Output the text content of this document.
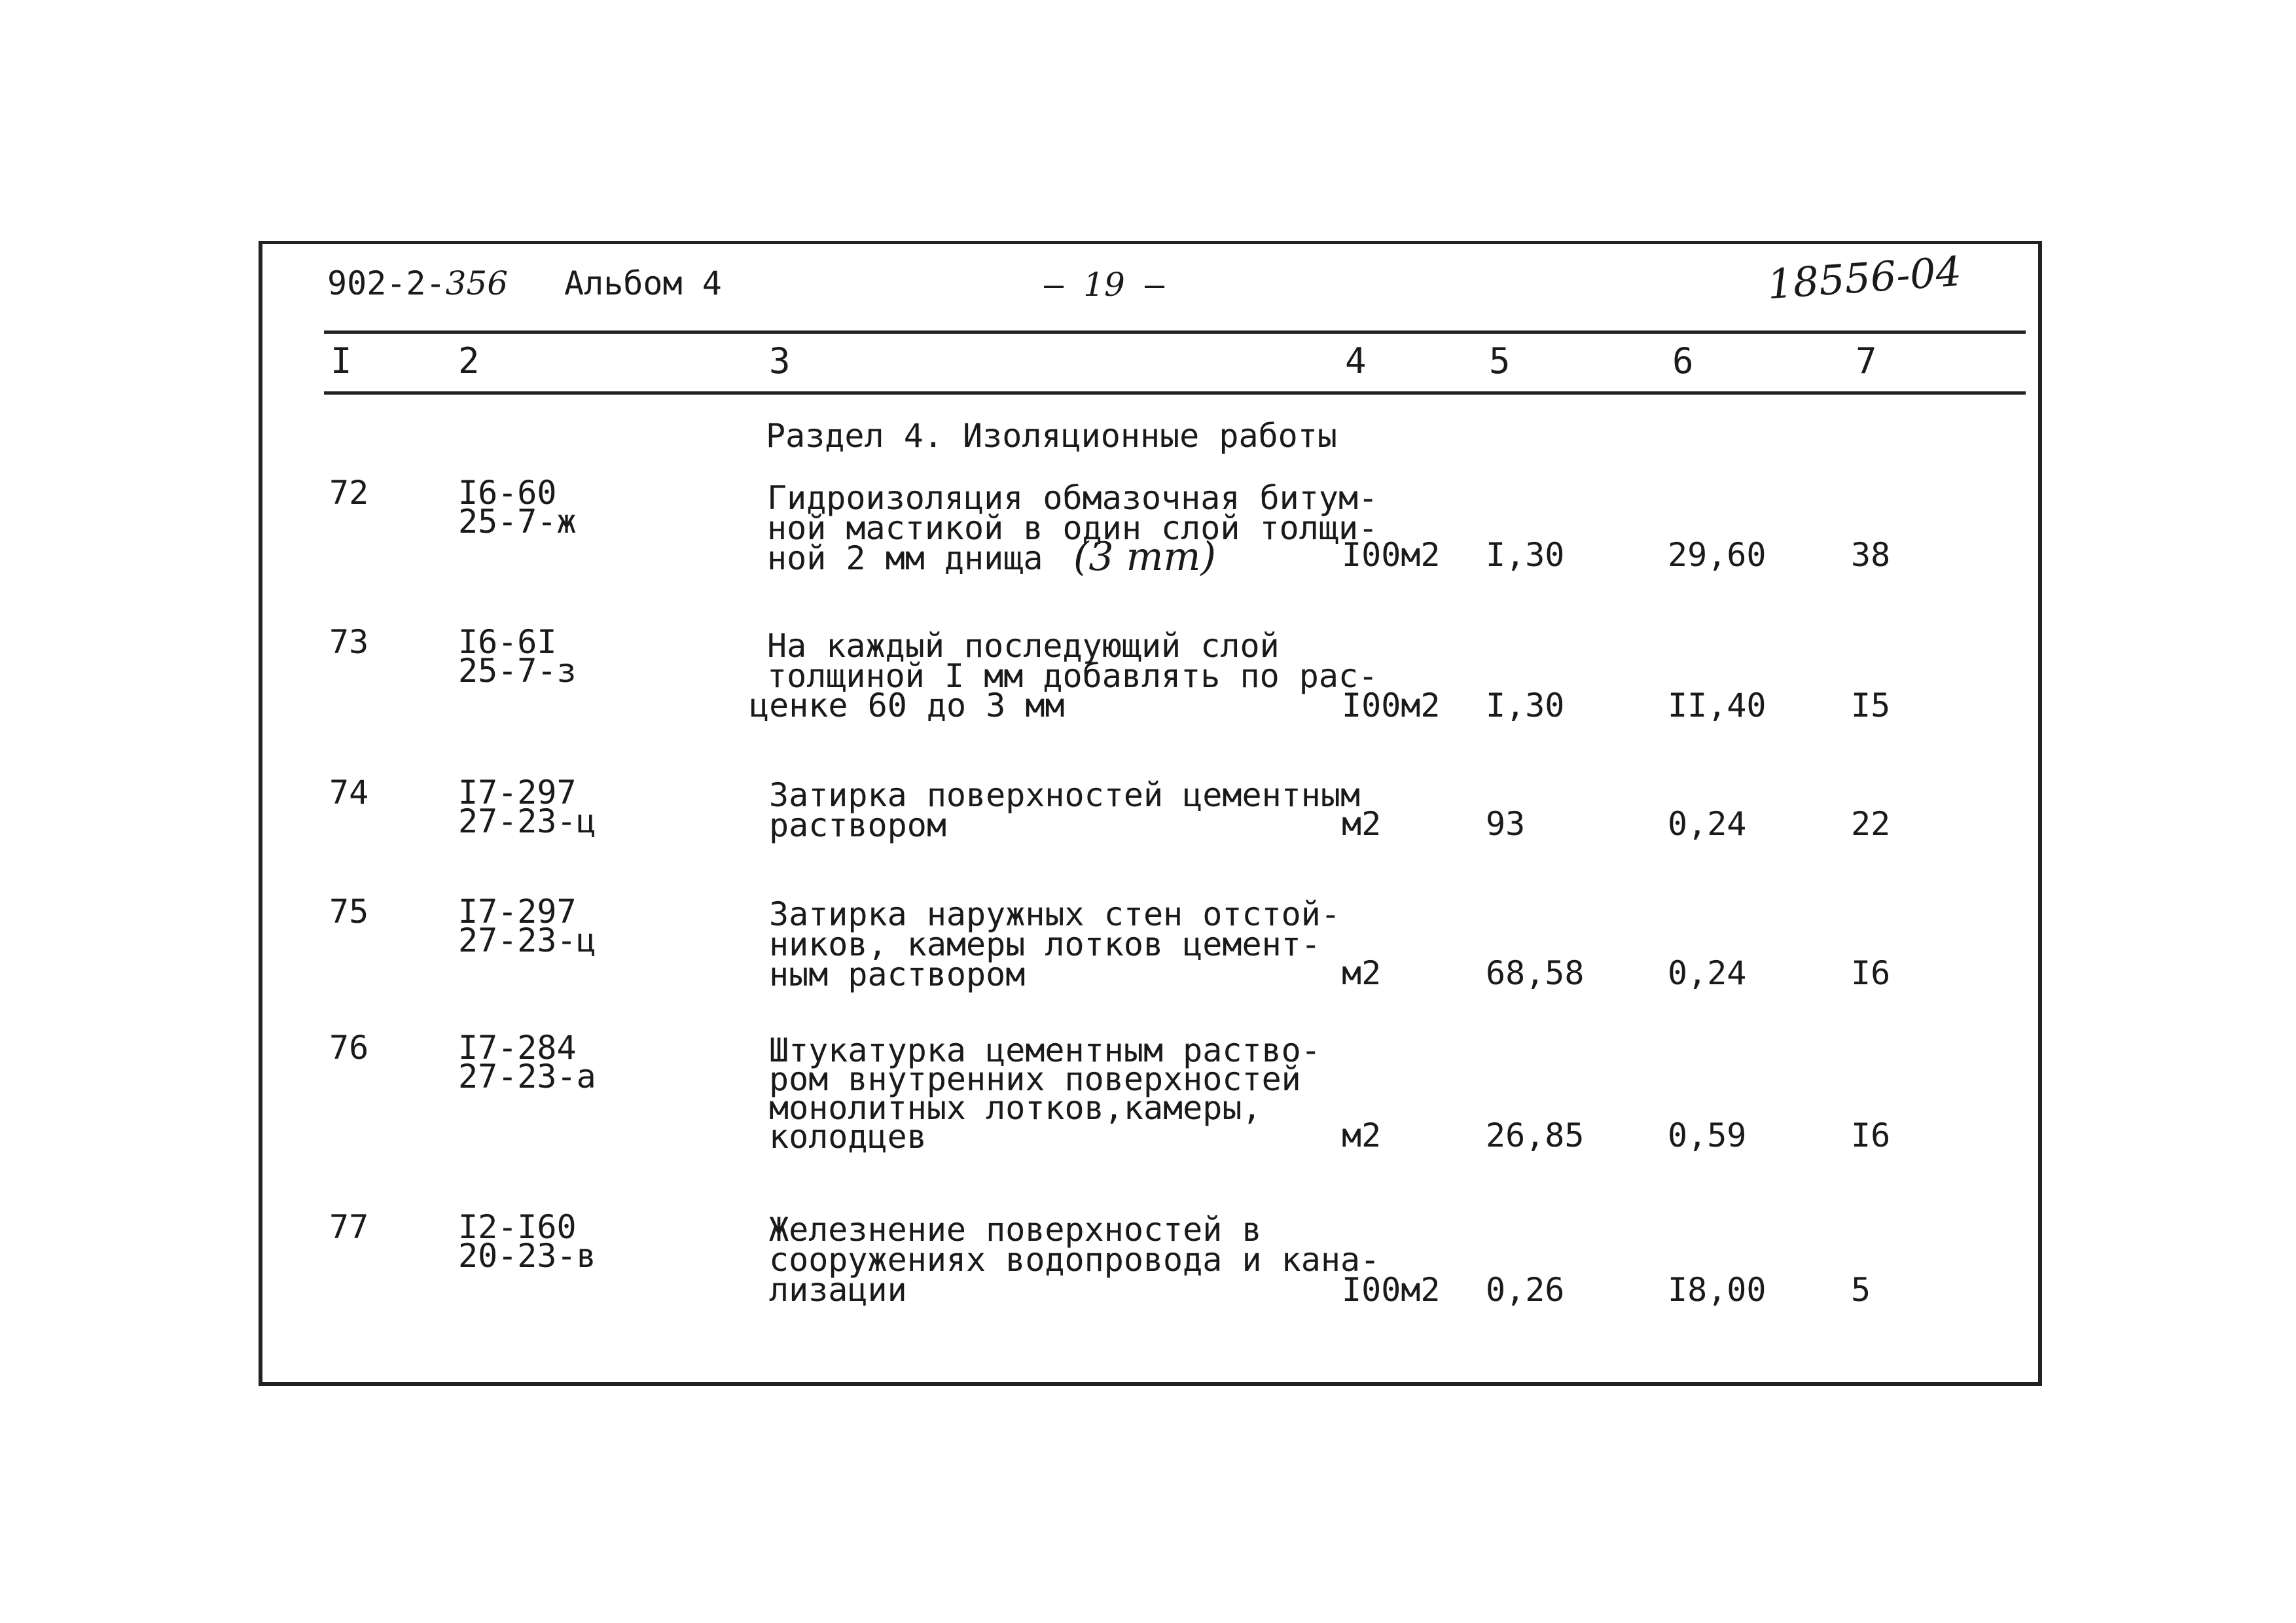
902-2-356 Альбом 4	– 19 –	18556-04
I	2	3	4	5	6	7
Раздел 4. Изоляционные работы
72	I6-60
25-7-ж
Гидроизоляция обмазочная битум-
ной мастикой в один слой толщи-
ной 2 мм днища (3 mm)	I00м2 I,30	29,60	38
73	I6-6I
25-7-з
На каждый последующий слой
толщиной I мм добавлять по рас-
ценке 60 до 3 мм	I00м2 I,30	II,40	I5
74	I7-297
27-23-ц
Затирка поверхностей цементным
раствором	м2	93	0,24	22
75	I7-297
27-23-ц
Затирка наружных стен отстой-
ников, камеры лотков цемент-
ным раствором	м2	68,58	0,24	I6
76	I7-284
27-23-а
Штукатурка цементным раство-
ром внутренних поверхностей
монолитных лотков,камеры,
колодцев	м2	26,85	0,59	I6
77	I2-I60
20-23-в
Железнение поверхностей в
сооружениях водопровода и кана-
лизации	I00м2 0,26	I8,00	5
